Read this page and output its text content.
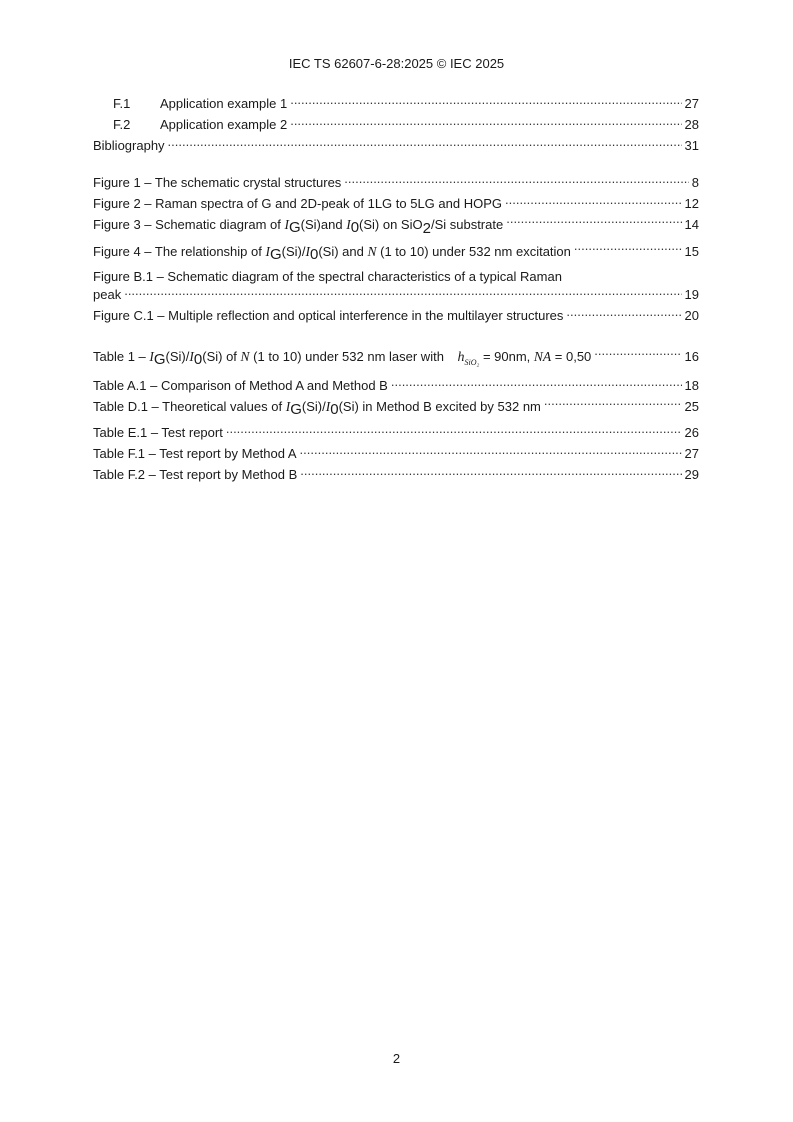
IEC TS 62607-6-28:2025 © IEC 2025
F.1	Application example 1 .....	27
F.2	Application example 2 .....	28
Bibliography .....	31
Figure 1 – The schematic crystal structures .....	8
Figure 2 – Raman spectra of G and 2D-peak of 1LG to 5LG and HOPG .....	12
Figure 3 – Schematic diagram of IG(Si)and I0(Si) on SiO2/Si substrate .....	14
Figure 4 – The relationship of IG(Si)/I0(Si) and N (1 to 10) under 532 nm excitation .....	15
Figure B.1 – Schematic diagram of the spectral characteristics of a typical Raman
peak .....	19
Figure C.1 – Multiple reflection and optical interference in the multilayer structures .....	20
Table 1 – IG(Si)/I0(Si) of N (1 to 10) under 532 nm laser with $h_{SiO_2} = 90nm$, NA = 0,50 .....	16
Table A.1 – Comparison of Method A and Method B .....	18
Table D.1 – Theoretical values of IG(Si)/I0(Si) in Method B excited by 532 nm .....	25
Table E.1 – Test report .....	26
Table F.1 – Test report by Method A .....	27
Table F.2 – Test report by Method B .....	29
2
